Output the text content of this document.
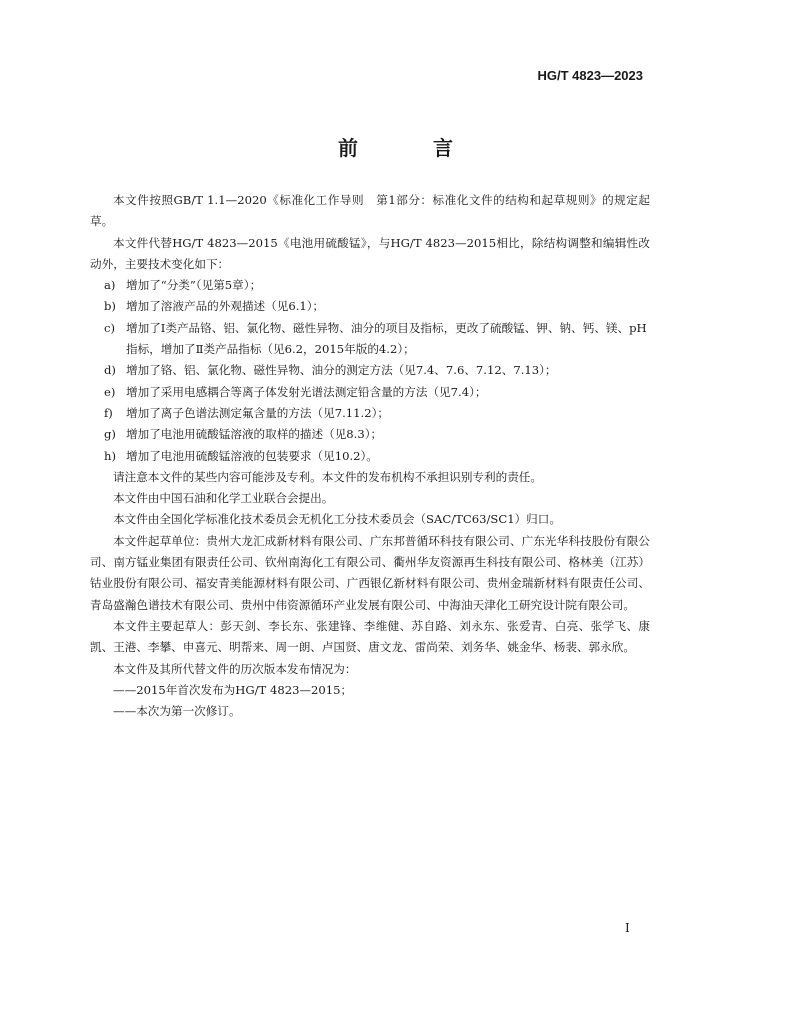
HG/T 4823—2023
前 言

本文件按照GB/T 1.1—2020《标准化工作导则　第1部分：标准化文件的结构和起草规则》的规定起草。

本文件代替HG/T 4823—2015《电池用硫酸锰》，与HG/T 4823—2015相比，除结构调整和编辑性改动外，主要技术变化如下：

a) 增加了“分类”（见第5章）；

b) 增加了溶液产品的外观描述（见6.1）；

c) 增加了Ⅰ类产品铬、铝、氯化物、磁性异物、油分的项目及指标，更改了硫酸锰、钾、钠、钙、镁、pH指标，增加了Ⅱ类产品指标（见6.2，2015年版的4.2）；

d) 增加了铬、铝、氯化物、磁性异物、油分的测定方法（见7.4、7.6、7.12、7.13）；

e) 增加了采用电感耦合等离子体发射光谱法测定铅含量的方法（见7.4）；

f) 增加了离子色谱法测定氟含量的方法（见7.11.2）；

g) 增加了电池用硫酸锰溶液的取样的描述（见8.3）；

h) 增加了电池用硫酸锰溶液的包装要求（见10.2）。

请注意本文件的某些内容可能涉及专利。本文件的发布机构不承担识别专利的责任。

本文件由中国石油和化学工业联合会提出。

本文件由全国化学标准化技术委员会无机化工分技术委员会（SAC/TC63/SC1）归口。

本文件起草单位：贵州大龙汇成新材料有限公司、广东邦普循环科技有限公司、广东光华科技股份有限公司、南方锰业集团有限责任公司、钦州南海化工有限公司、衢州华友资源再生科技有限公司、格林美（江苏）钴业股份有限公司、福安青美能源材料有限公司、广西银亿新材料有限公司、贵州金瑞新材料有限责任公司、青岛盛瀚色谱技术有限公司、贵州中伟资源循环产业发展有限公司、中海油天津化工研究设计院有限公司。

本文件主要起草人：彭天剑、李长东、张建锋、李维健、苏自路、刘永东、张爱青、白亮、张学飞、康凯、王港、李攀、申喜元、明帮来、周一朗、卢国贤、唐文龙、雷尚荣、刘务华、姚金华、杨裴、郭永欣。

本文件及其所代替文件的历次版本发布情况为：

——2015年首次发布为HG/T 4823—2015；

——本次为第一次修订。

Ⅰ
